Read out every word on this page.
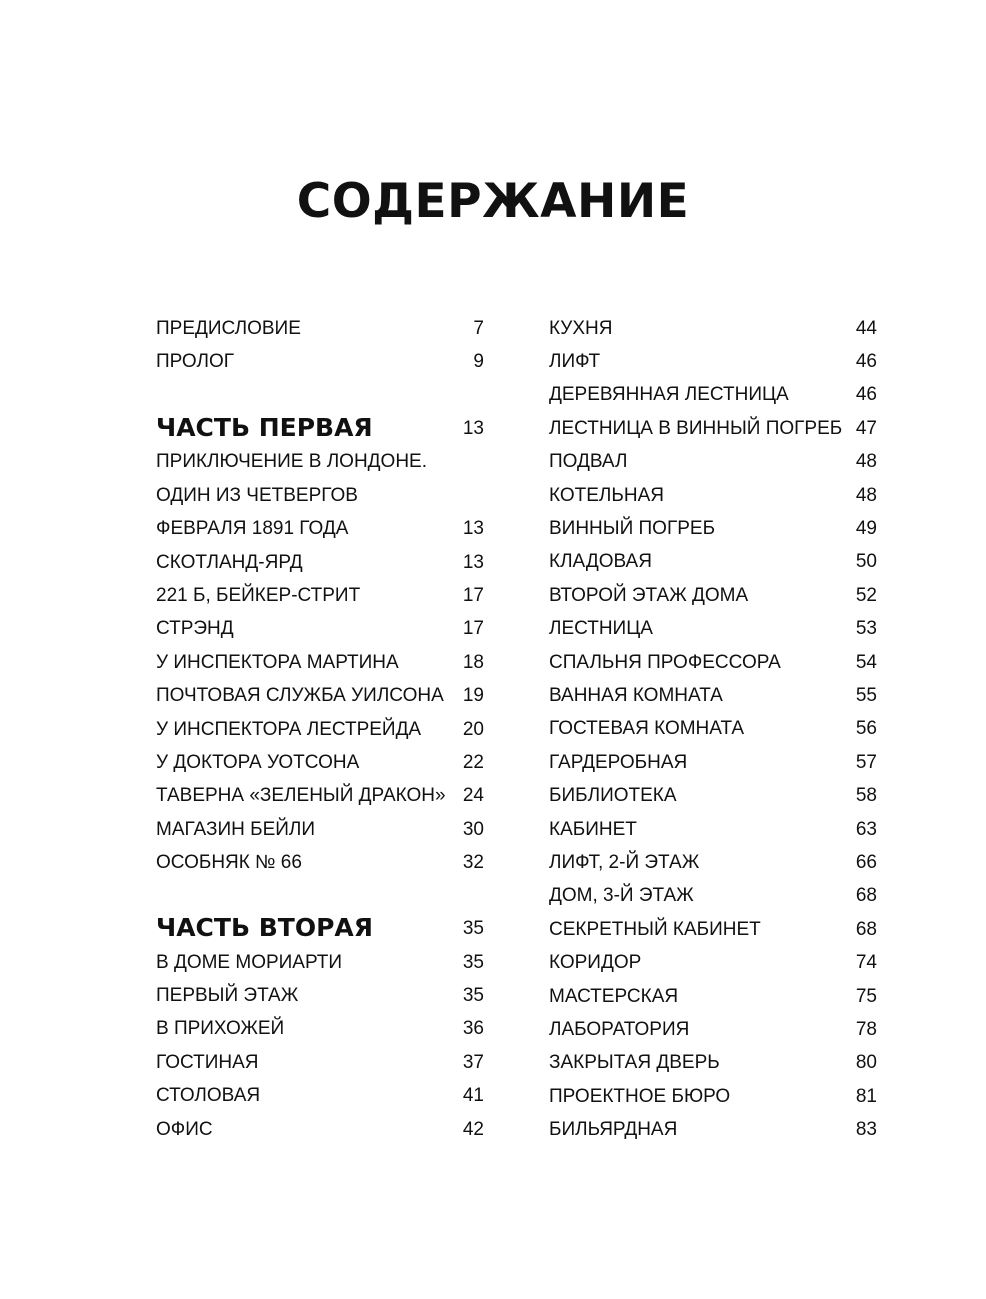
СОДЕРЖАНИЕ
ПРЕДИСЛОВИЕ	7
ПРОЛОГ	9
ЧАСТЬ ПЕРВАЯ	13
ПРИКЛЮЧЕНИЕ В ЛОНДОНЕ.
ОДИН ИЗ ЧЕТВЕРГОВ
ФЕВРАЛЯ 1891 ГОДА	13
СКОТЛАНД-ЯРД	13
221 Б, БЕЙКЕР-СТРИТ	17
СТРЭНД	17
У ИНСПЕКТОРА МАРТИНА	18
ПОЧТОВАЯ СЛУЖБА УИЛСОНА 19
У ИНСПЕКТОРА ЛЕСТРЕЙДА 20
У ДОКТОРА УОТСОНА	22
ТАВЕРНА «ЗЕЛЕНЫЙ ДРАКОН» 24
МАГАЗИН БЕЙЛИ	30
ОСОБНЯК № 66	32
ЧАСТЬ ВТОРАЯ	35
В ДОМЕ МОРИАРТИ	35
ПЕРВЫЙ ЭТАЖ	35
В ПРИХОЖЕЙ	36
ГОСТИНАЯ	37
СТОЛОВАЯ	41
ОФИС	42
КУХНЯ	44
ЛИФТ	46
ДЕРЕВЯННАЯ ЛЕСТНИЦА	46
ЛЕСТНИЦА В ВИННЫЙ ПОГРЕБ 47
ПОДВАЛ	48
КОТЕЛЬНАЯ	48
ВИННЫЙ ПОГРЕБ	49
КЛАДОВАЯ	50
ВТОРОЙ ЭТАЖ ДОМА	52
ЛЕСТНИЦА	53
СПАЛЬНЯ ПРОФЕССОРА	54
ВАННАЯ КОМНАТА	55
ГОСТЕВАЯ КОМНАТА	56
ГАРДЕРОБНАЯ	57
БИБЛИОТЕКА	58
КАБИНЕТ	63
ЛИФТ, 2-Й ЭТАЖ	66
ДОМ, 3-Й ЭТАЖ	68
СЕКРЕТНЫЙ КАБИНЕТ	68
КОРИДОР	74
МАСТЕРСКАЯ	75
ЛАБОРАТОРИЯ	78
ЗАКРЫТАЯ ДВЕРЬ	80
ПРОЕКТНОЕ БЮРО	81
БИЛЬЯРДНАЯ	83
